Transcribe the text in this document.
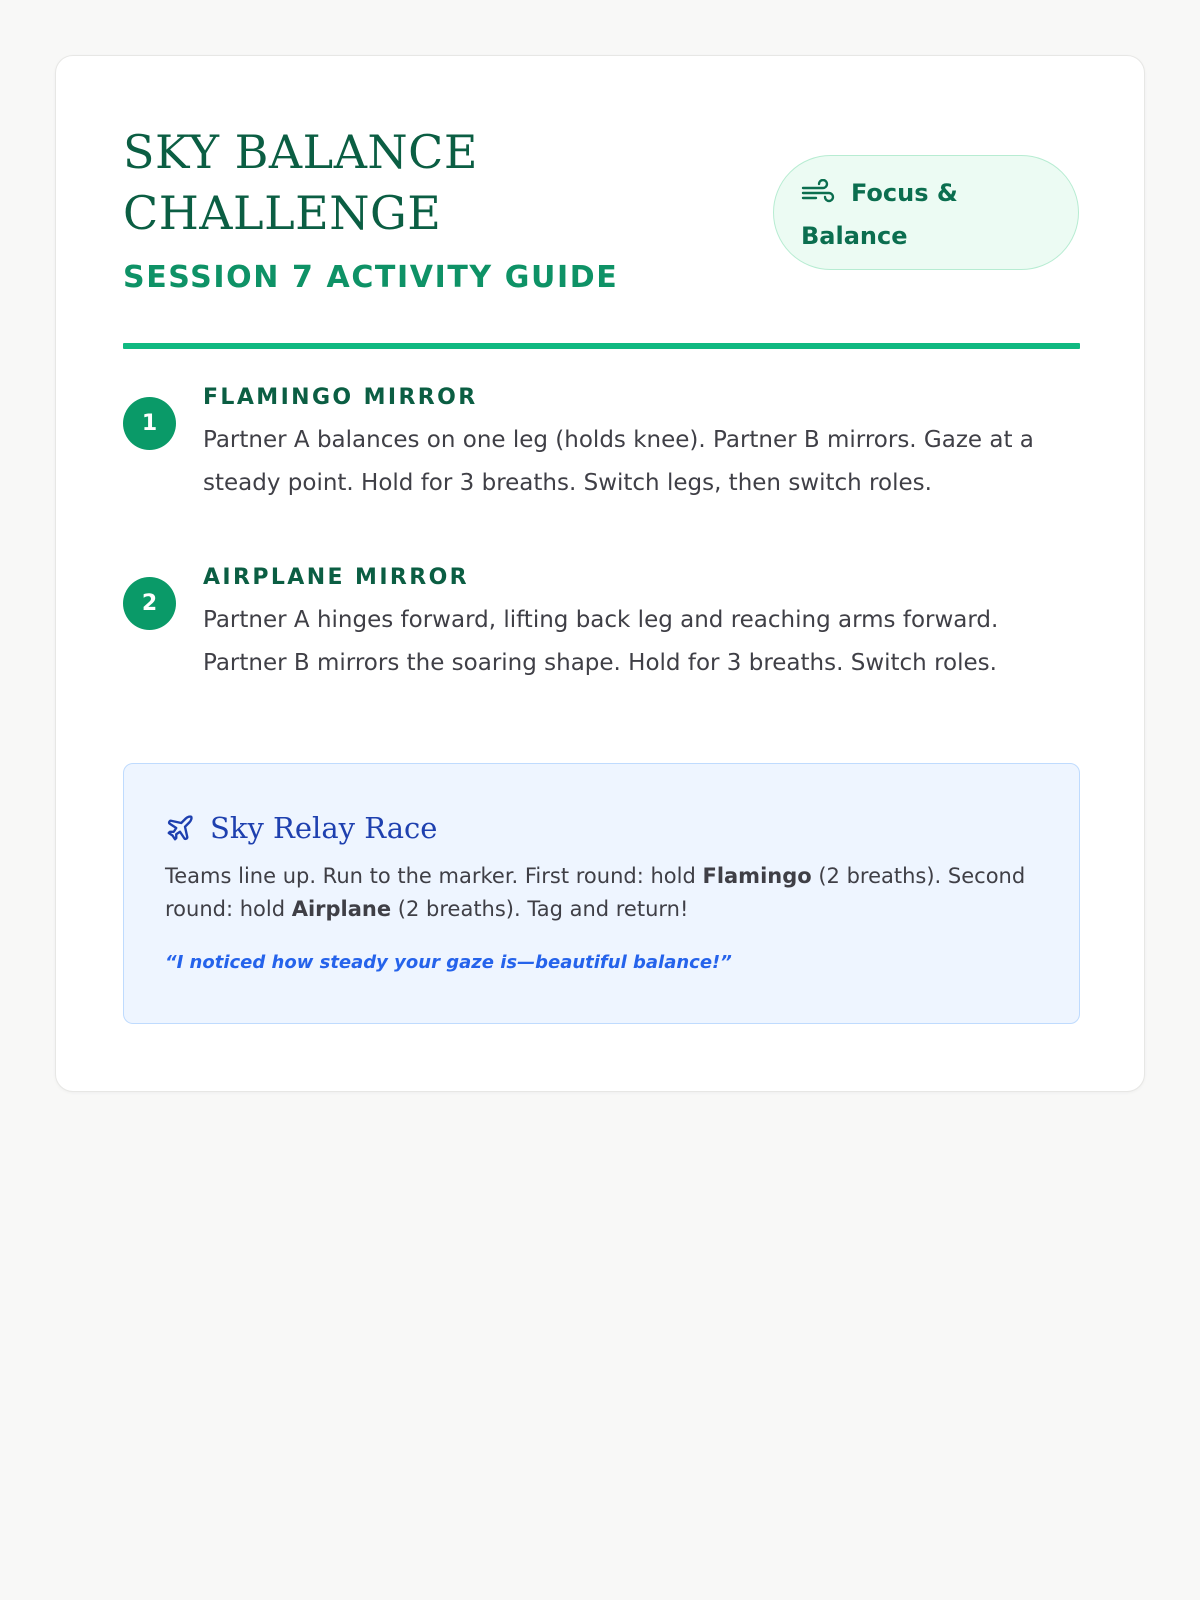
SKY BALANCE
CHALLENGE
SESSION 7 ACTIVITY GUIDE
Focus & Balance
1
FLAMINGO MIRROR

Partner A balances on one leg (holds knee). Partner B mirrors. Gaze at a steady point. Hold for 3 breaths. Switch legs, then switch roles.

2
AIRPLANE MIRROR

Partner A hinges forward, lifting back leg and reaching arms forward. Partner B mirrors the soaring shape. Hold for 3 breaths. Switch roles.

Sky Relay Race

Teams line up. Run to the marker. First round: hold Flamingo (2 breaths). Second round: hold Airplane (2 breaths). Tag and return!

“I noticed how steady your gaze is—beautiful balance!”
